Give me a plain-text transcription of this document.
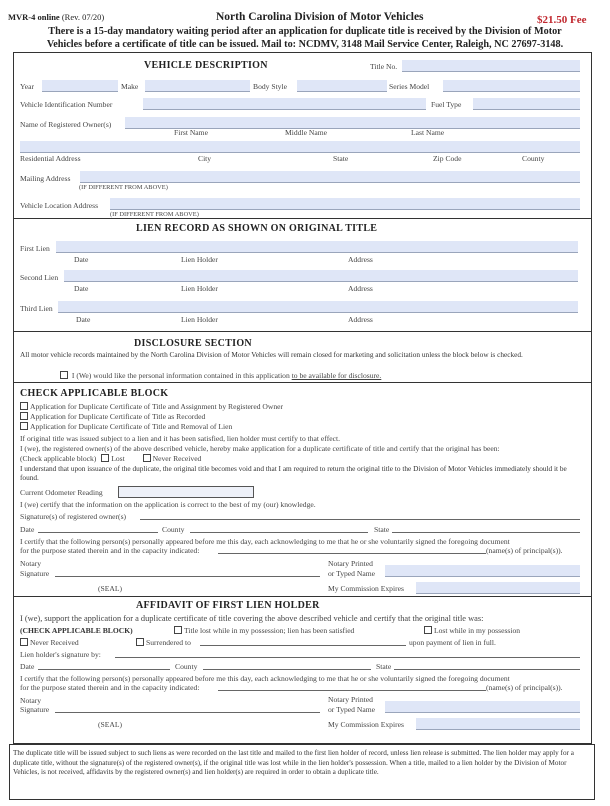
MVR-4 online (Rev. 07/20)	North Carolina Division of Motor Vehicles	$21.50 Fee
There is a 15-day mandatory waiting period after an application for duplicate title is received by the Division of Motor
Vehicles before a certificate of title can be issued. Mail to: NCDMV, 3148 Mail Service Center, Raleigh, NC 27697-3148.
VEHICLE DESCRIPTION	Title No.
Year	Make	Body Style	Series Model
Vehicle Identification Number	Fuel Type
Name of Registered Owner(s)
First Name	Middle Name	Last Name
Residential Address	City	State	Zip Code	County
Mailing Address
(IF DIFFERENT FROM ABOVE)
Vehicle Location Address
(IF DIFFERENT FROM ABOVE)
LIEN RECORD AS SHOWN ON ORIGINAL TITLE
First Lien
Date	Lien Holder	Address
Second Lien
Date	Lien Holder	Address
Third Lien
Date	Lien Holder	Address
DISCLOSURE SECTION
All motor vehicle records maintained by the North Carolina Division of Motor Vehicles will remain closed for marketing and solicitation unless the block below is checked.
I (We) would like the personal information contained in this application to be available for disclosure.
CHECK APPLICABLE BLOCK
Application for Duplicate Certificate of Title and Assignment by Registered Owner
Application for Duplicate Certificate of Title as Recorded
Application for Duplicate Certificate of Title and Removal of Lien
If original title was issued subject to a lien and it has been satisfied, lien holder must certify to that effect.
I (we), the registered owner(s) of the above described vehicle, hereby make application for a duplicate certificate of title and certify that the original has been:
(Check applicable block) Lost	Never Received
I understand that upon issuance of the duplicate, the original title becomes void and that I am required to return the original title to the Division of Motor Vehicles immediately should it be found.
Current Odometer Reading
I (we) certify that the information on the application is correct to the best of my (our) knowledge.
Signature(s) of registered owner(s)
Date	County	State
I certify that the following person(s) personally appeared before me this day, each acknowledging to me that he or she voluntarily signed the foregoing document
for the purpose stated therein and in the capacity indicated:	(name(s) of principal(s)).
Notary
Signature
Notary Printed
or Typed Name
(SEAL)	My Commission Expires
AFFIDAVIT OF FIRST LIEN HOLDER
I (we), support the application for a duplicate certificate of title covering the above described vehicle and certify that the original title was:
(CHECK APPLICABLE BLOCK)	Title lost while in my possession; lien has been satisfied	Lost while in my possession
Never Received	Surrendered to	upon payment of lien in full.
Lien holder's signature by:
Date	County	State
I certify that the following person(s) personally appeared before me this day, each acknowledging to me that he or she voluntarily signed the foregoing document
for the purpose stated therein and in the capacity indicated:	(name(s) of principal(s)).
Notary
Signature
Notary Printed
or Typed Name
(SEAL)	My Commission Expires
The duplicate title will be issued subject to such liens as were recorded on the last title and mailed to the first lien holder of record, unless lien release is submitted. The lien holder may apply for a duplicate title, without the signature(s) of the registered owner(s), if the original title was lost while in the lien holder's possession. When a title, mailed to a lien holder by the Division of Motor Vehicles, is not received, affidavits by the registered owner(s) and lien holder(s) are required in order to obtain a duplicate title.
